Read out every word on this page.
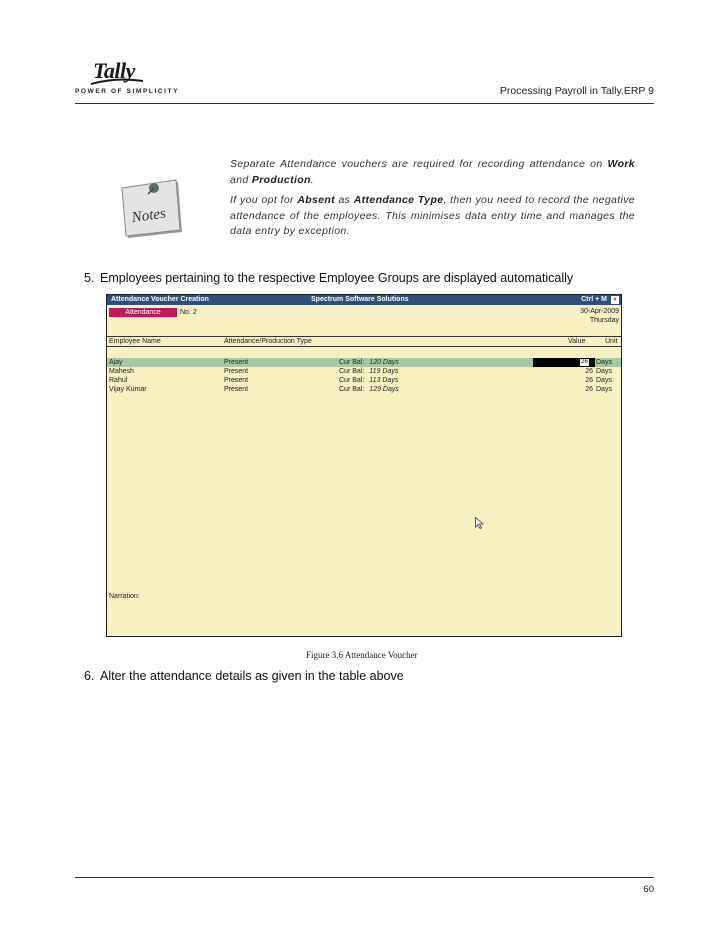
Tally
POWER OF SIMPLICITY	Processing Payroll in Tally.ERP 9
Notes
Separate Attendance vouchers are required for recording attendance on Work and Production.
If you opt for Absent as Attendance Type, then you need to record the negative attendance of the employees. This minimises data entry time and manages the data entry by exception.
5. Employees pertaining to the respective Employee Groups are displayed automatically
Attendance Voucher Creation	Spectrum Software Solutions	Ctrl + M	×
Attendance	No. 2	30-Apr-2009
Thursday
Employee Name	Attendance/Production Type	Value	Unit
Ajay	Present	Cur Bal: 120 Days	26 Days
Mahesh	Present	Cur Bal: 119 Days	26 Days
Rahul	Present	Cur Bal: 113 Days	26 Days
Vijay Kumar	Present	Cur Bal: 129 Days	26 Days
Narration:
Figure 3.6 Attendance Voucher
6. Alter the attendance details as given in the table above
60
